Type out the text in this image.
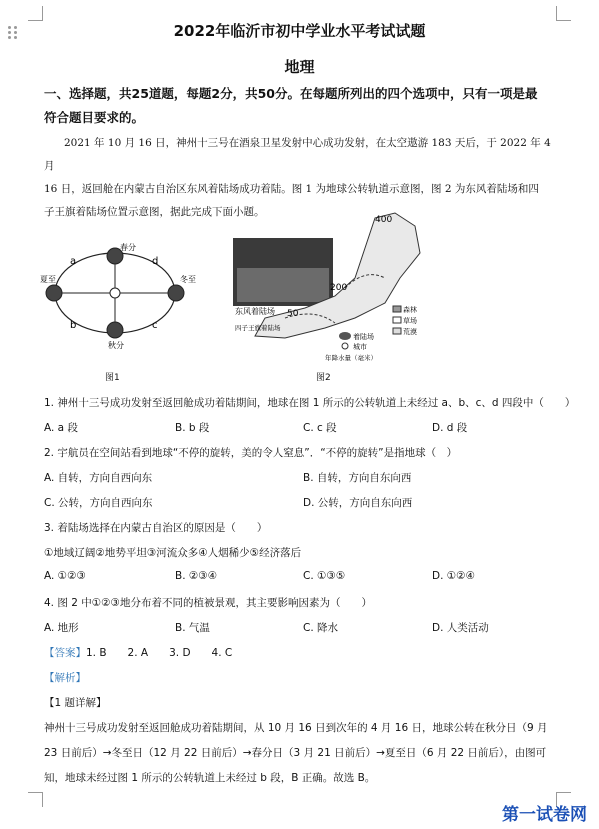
2022年临沂市初中学业水平考试试题
地理
一、选择题，共25道题，每题2分，共50分。在每题所列出的四个选项中，只有一项是最
符合题目要求的。
2021 年 10 月 16 日，神州十三号在酒泉卫星发射中心成功发射，在太空遨游 183 天后，于 2022 年 4 月
16 日，返回舱在内蒙古自治区东风着陆场成功着陆。图 1 为地球公转轨道示意图，图 2 为东风着陆场和四
子王旗着陆场位置示意图，据此完成下面小题。
春分
夏至
秋分
冬至
a
b	c
d
图1
400
200
50
东风着陆场
四子王旗着陆场
森林
草场
荒漠
着陆场
城市
年降水量（毫米）
图2
1. 神州十三号成功发射至返回舱成功着陆期间，地球在图 1 所示的公转轨道上未经过 a、b、c、d 四段中（　　）
A. a 段	B. b 段	C. c 段	D. d 段
2. 宇航员在空间站看到地球“不停的旋转，美的令人窒息”．“不停的旋转”是指地球（　）
A. 自转，方向自西向东	B. 自转，方向自东向西
C. 公转，方向自西向东	D. 公转，方向自东向西
3. 着陆场选择在内蒙古自治区的原因是（　　）
①地域辽阔②地势平坦③河流众多④人烟稀少⑤经济落后
A. ①②③	B. ②③④	C. ①③⑤	D. ①②④
4. 图 2 中①②③地分布着不同的植被景观，其主要影响因素为（　　）
A. 地形	B. 气温	C. 降水	D. 人类活动
【答案】1. B　　2. A　　3. D　　4. C
【解析】
【1 题详解】
神州十三号成功发射至返回舱成功着陆期间，从 10 月 16 日到次年的 4 月 16 日，地球公转在秋分日（9 月
23 日前后）→冬至日（12 月 22 日前后）→春分日（3 月 21 日前后）→夏至日（6 月 22 日前后），由图可
知，地球未经过图 1 所示的公转轨道上未经过 b 段，B 正确。故选 B。
第一试卷网
